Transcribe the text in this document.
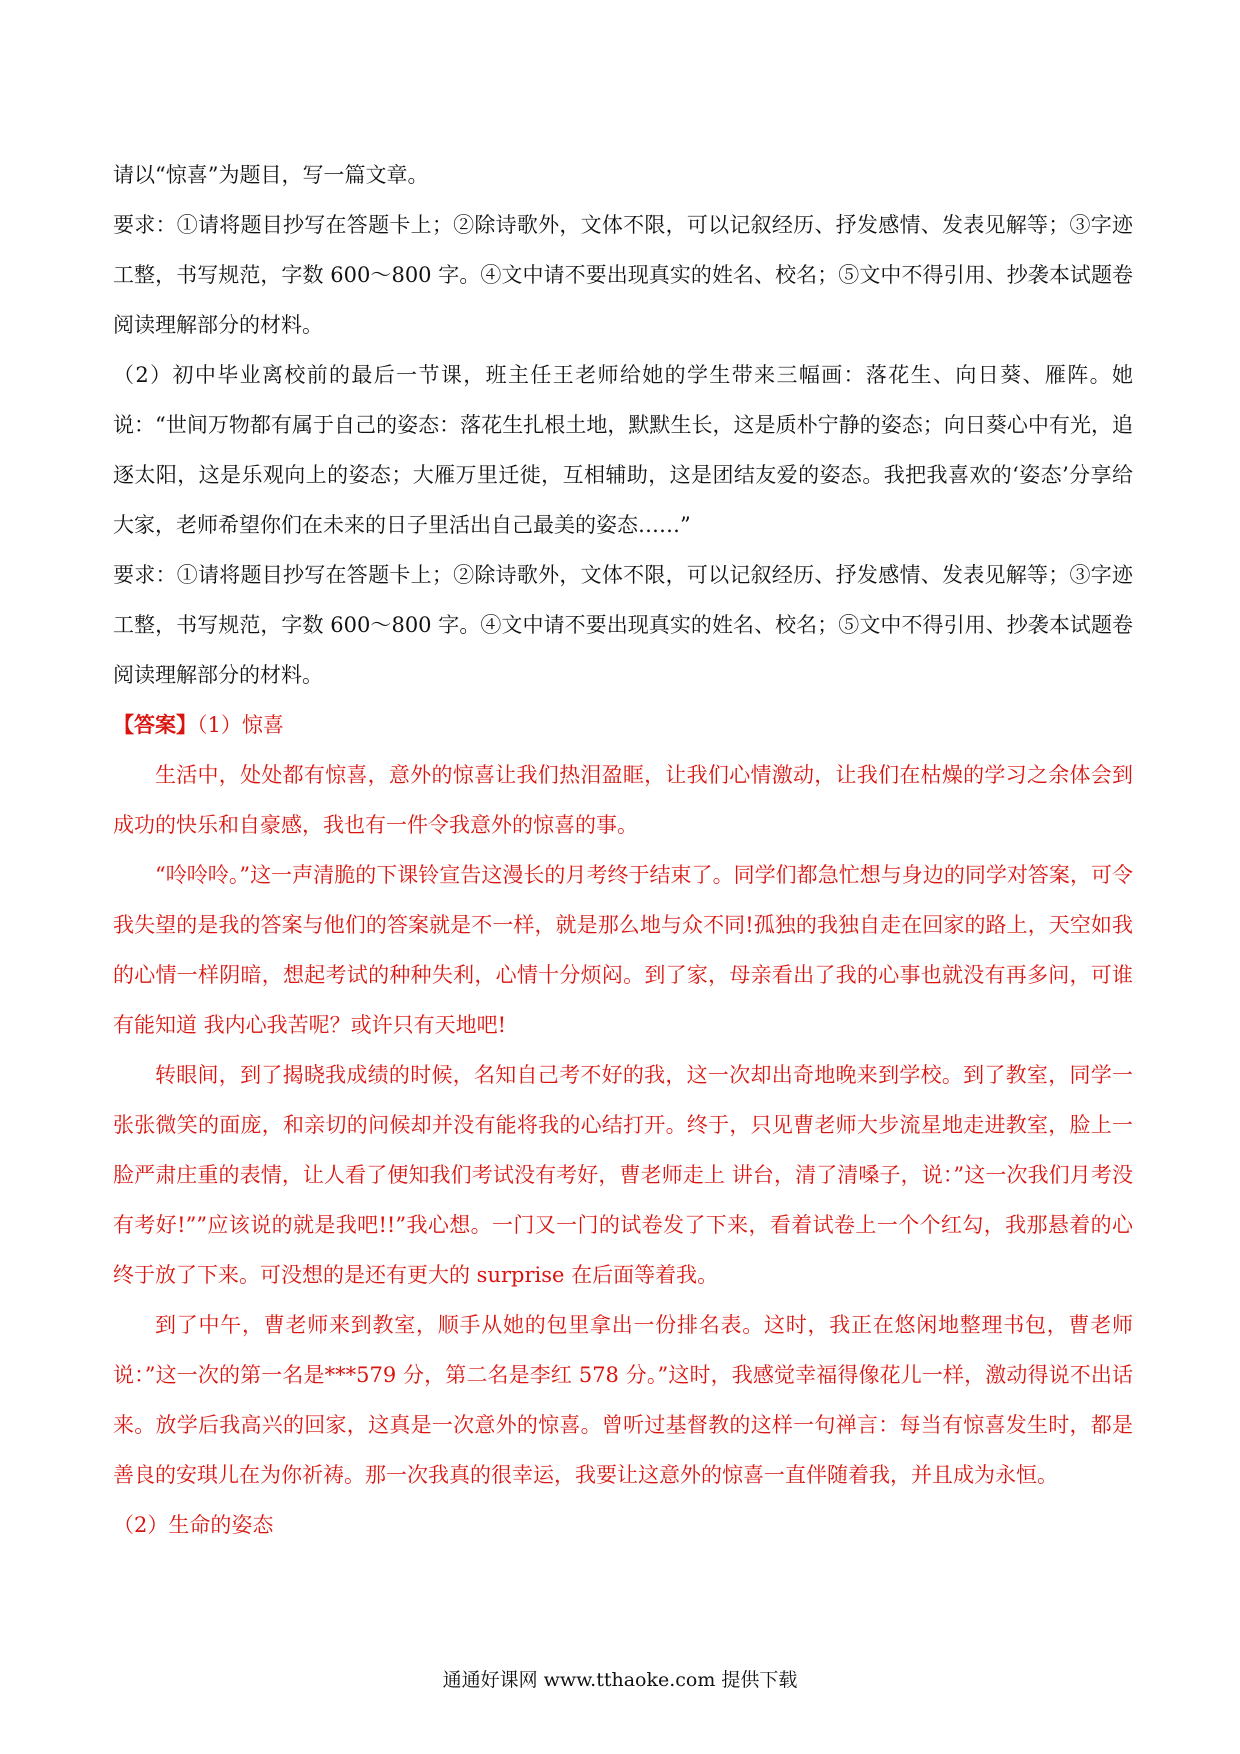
请以“惊喜”为题目，写一篇文章。

要求：①请将题目抄写在答题卡上；②除诗歌外，文体不限，可以记叙经历、抒发感情、发表见解等；③字迹工整，书写规范，字数 600～800 字。④文中请不要出现真实的姓名、校名；⑤文中不得引用、抄袭本试题卷阅读理解部分的材料。

（2）初中毕业离校前的最后一节课，班主任王老师给她的学生带来三幅画：落花生、向日葵、雁阵。她说：“世间万物都有属于自己的姿态：落花生扎根土地，默默生长，这是质朴宁静的姿态；向日葵心中有光，追逐太阳，这是乐观向上的姿态；大雁万里迁徙，互相辅助，这是团结友爱的姿态。我把我喜欢的‘姿态’分享给大家，老师希望你们在未来的日子里活出自己最美的姿态……”

要求：①请将题目抄写在答题卡上；②除诗歌外，文体不限，可以记叙经历、抒发感情、发表见解等；③字迹工整，书写规范，字数 600～800 字。④文中请不要出现真实的姓名、校名；⑤文中不得引用、抄袭本试题卷阅读理解部分的材料。

【答案】（1）惊喜

生活中，处处都有惊喜，意外的惊喜让我们热泪盈眶，让我们心情激动，让我们在枯燥的学习之余体会到成功的快乐和自豪感，我也有一件令我意外的惊喜的事。

“呤呤呤。”这一声清脆的下课铃宣告这漫长的月考终于结束了。同学们都急忙想与身边的同学对答案，可令我失望的是我的答案与他们的答案就是不一样，就是那么地与众不同!孤独的我独自走在回家的路上，天空如我的心情一样阴暗，想起考试的种种失利，心情十分烦闷。到了家，母亲看出了我的心事也就没有再多问，可谁有能知道 我内心我苦呢？或许只有天地吧!

转眼间，到了揭晓我成绩的时候，名知自己考不好的我，这一次却出奇地晚来到学校。到了教室，同学一张张微笑的面庞，和亲切的问候却并没有能将我的心结打开。终于，只见曹老师大步流星地走进教室，脸上一脸严肃庄重的表情，让人看了便知我们考试没有考好，曹老师走上 讲台，清了清嗓子，说：”这一次我们月考没有考好!””应该说的就是我吧!!”我心想。一门又一门的试卷发了下来，看着试卷上一个个红勾，我那悬着的心终于放了下来。可没想的是还有更大的 surprise 在后面等着我。

到了中午，曹老师来到教室，顺手从她的包里拿出一份排名表。这时，我正在悠闲地整理书包，曹老师说：”这一次的第一名是***579 分，第二名是李红 578 分。”这时，我感觉幸福得像花儿一样，激动得说不出话来。放学后我高兴的回家，这真是一次意外的惊喜。曾听过基督教的这样一句禅言：每当有惊喜发生时，都是善良的安琪儿在为你祈祷。那一次我真的很幸运，我要让这意外的惊喜一直伴随着我，并且成为永恒。

（2）生命的姿态

通通好课网 www.tthaoke.com 提供下载
